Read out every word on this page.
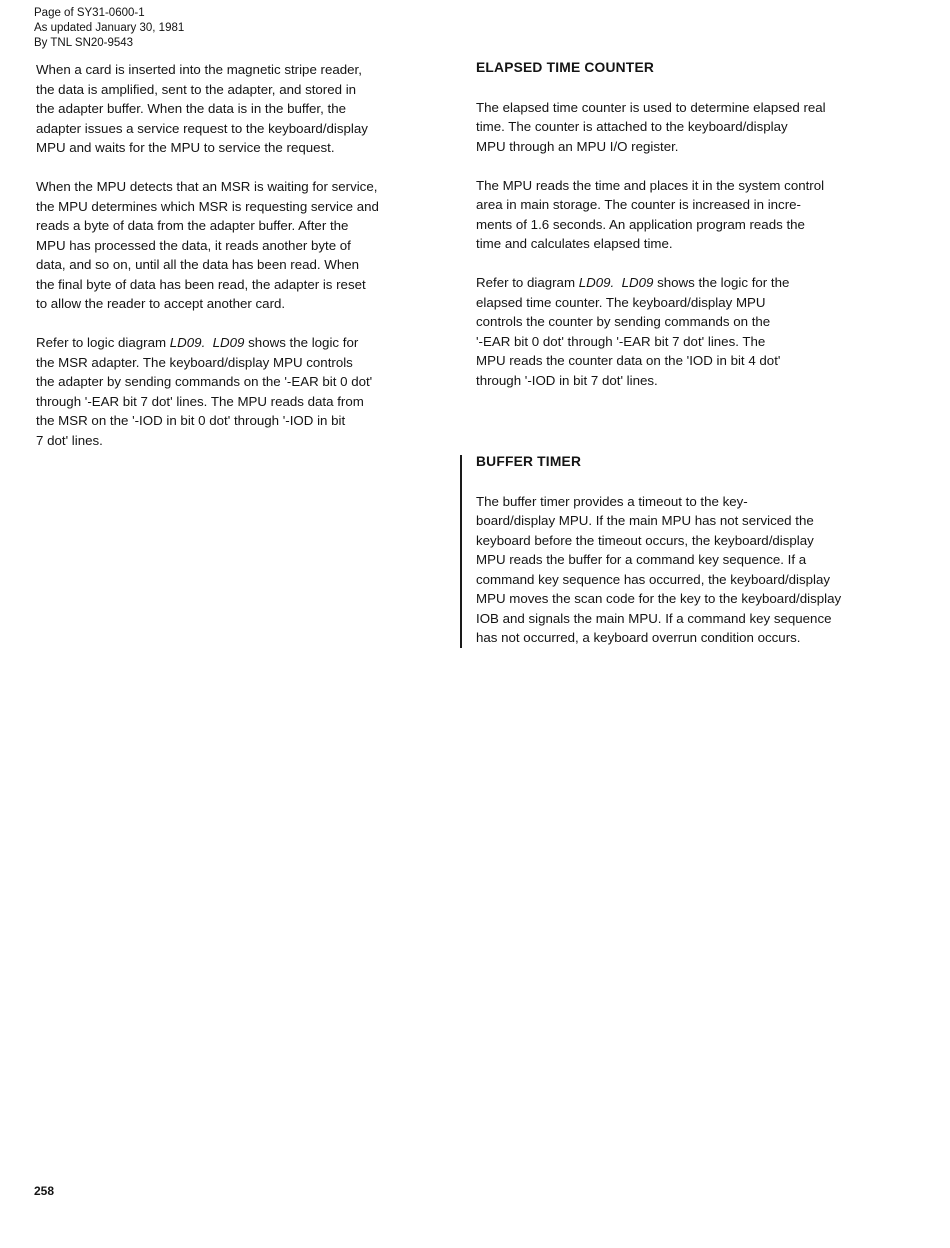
Page of SY31-0600-1
As updated January 30, 1981
By TNL SN20-9543

When a card is inserted into the magnetic stripe reader,
the data is amplified, sent to the adapter, and stored in
the adapter buffer. When the data is in the buffer, the
adapter issues a service request to the keyboard/display
MPU and waits for the MPU to service the request.

When the MPU detects that an MSR is waiting for service,
the MPU determines which MSR is requesting service and
reads a byte of data from the adapter buffer. After the
MPU has processed the data, it reads another byte of
data, and so on, until all the data has been read. When
the final byte of data has been read, the adapter is reset
to allow the reader to accept another card.

Refer to logic diagram LD09. LD09 shows the logic for
the MSR adapter. The keyboard/display MPU controls
the adapter by sending commands on the '-EAR bit 0 dot'
through '-EAR bit 7 dot' lines. The MPU reads data from
the MSR on the '-IOD in bit 0 dot' through '-IOD in bit
7 dot' lines.

ELAPSED TIME COUNTER

The elapsed time counter is used to determine elapsed real
time. The counter is attached to the keyboard/display
MPU through an MPU I/O register.

The MPU reads the time and places it in the system control
area in main storage. The counter is increased in incre-
ments of 1.6 seconds. An application program reads the
time and calculates elapsed time.

Refer to diagram LD09. LD09 shows the logic for the
elapsed time counter. The keyboard/display MPU
controls the counter by sending commands on the
'-EAR bit 0 dot' through '-EAR bit 7 dot' lines. The
MPU reads the counter data on the 'IOD in bit 4 dot'
through '-IOD in bit 7 dot' lines.

BUFFER TIMER

The buffer timer provides a timeout to the key-
board/display MPU. If the main MPU has not serviced the
keyboard before the timeout occurs, the keyboard/display
MPU reads the buffer for a command key sequence. If a
command key sequence has occurred, the keyboard/display
MPU moves the scan code for the key to the keyboard/display
IOB and signals the main MPU. If a command key sequence
has not occurred, a keyboard overrun condition occurs.

258
